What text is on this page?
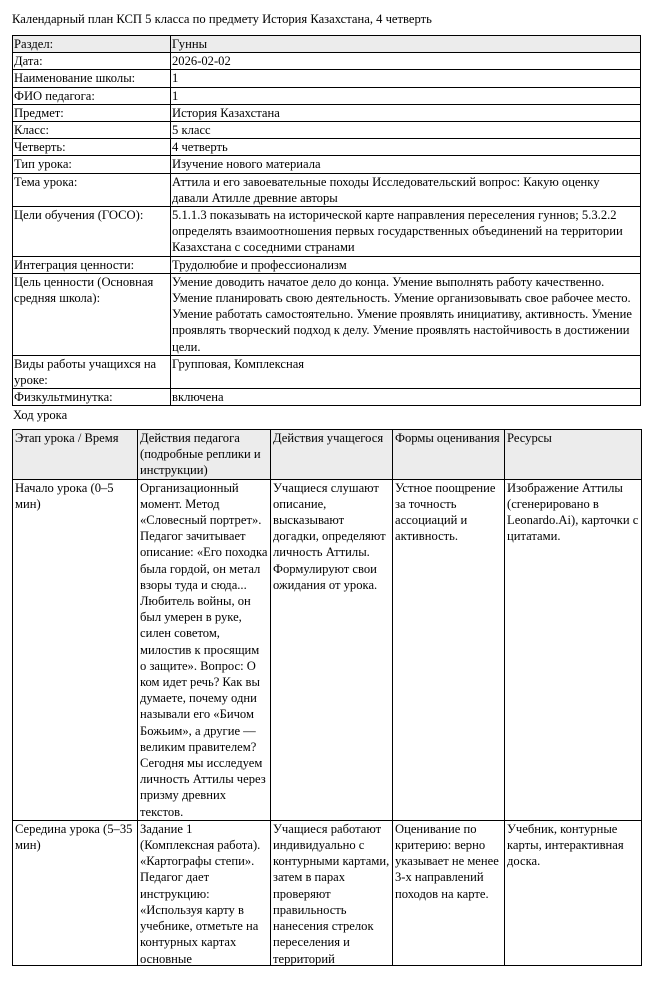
Календарный план КСП 5 класса по предмету История Казахстана, 4 четверть
Раздел:	Гунны
Дата:	2026-02-02
Наименование школы:	1
ФИО педагога:	1
Предмет:	История Казахстана
Класс:	5 класс
Четверть:	4 четверть
Тип урока:	Изучение нового материала
Тема урока:	Аттила и его завоевательные походы Исследовательский вопрос: Какую оценку давали Атилле древние авторы
Цели обучения (ГОСО):	5.1.1.3 показывать на исторической карте направления переселения гуннов; 5.3.2.2 определять взаимоотношения первых государственных объединений на территории Казахстана с соседними странами
Интеграция ценности:	Трудолюбие и профессионализм
Цель ценности (Основная средняя школа):	Умение доводить начатое дело до конца. Умение выполнять работу качественно. Умение планировать свою деятельность. Умение организовывать свое рабочее место. Умение работать самостоятельно. Умение проявлять инициативу, активность. Умение проявлять творческий подход к делу. Умение проявлять настойчивость в достижении цели.
Виды работы учащихся на уроке:	Групповая, Комплексная
Физкультминутка:	включена
Ход урока
Этап урока / Время	Действия педагога (подробные реплики и инструкции)	Действия учащегося	Формы оценивания	Ресурсы
Начало урока (0–5 мин)	Организационный момент. Метод «Словесный портрет». Педагог зачитывает описание: «Его походка была гордой, он метал взоры туда и сюда... Любитель войны, он был умерен в руке, силен советом, милостив к просящим о защите». Вопрос: О ком идет речь? Как вы думаете, почему одни называли его «Бичом Божьим», а другие — великим правителем? Сегодня мы исследуем личность Аттилы через призму древних текстов.	Учащиеся слушают описание, высказывают догадки, определяют личность Аттилы. Формулируют свои ожидания от урока.	Устное поощрение за точность ассоциаций и активность.	Изображение Аттилы (сгенерировано в Leonardo.Ai), карточки с цитатами.

Середина урока (5–35 мин)	Задание 1 (Комплексная работа). «Картографы степи». Педагог дает инструкцию: «Используя карту в учебнике, отметьте на контурных картах основные	Учащиеся работают индивидуально с контурными картами, затем в парах проверяют правильность нанесения стрелок переселения и территорий	Оценивание по критерию: верно указывает не менее 3-х направлений походов на карте.	Учебник, контурные карты, интерактивная доска.
